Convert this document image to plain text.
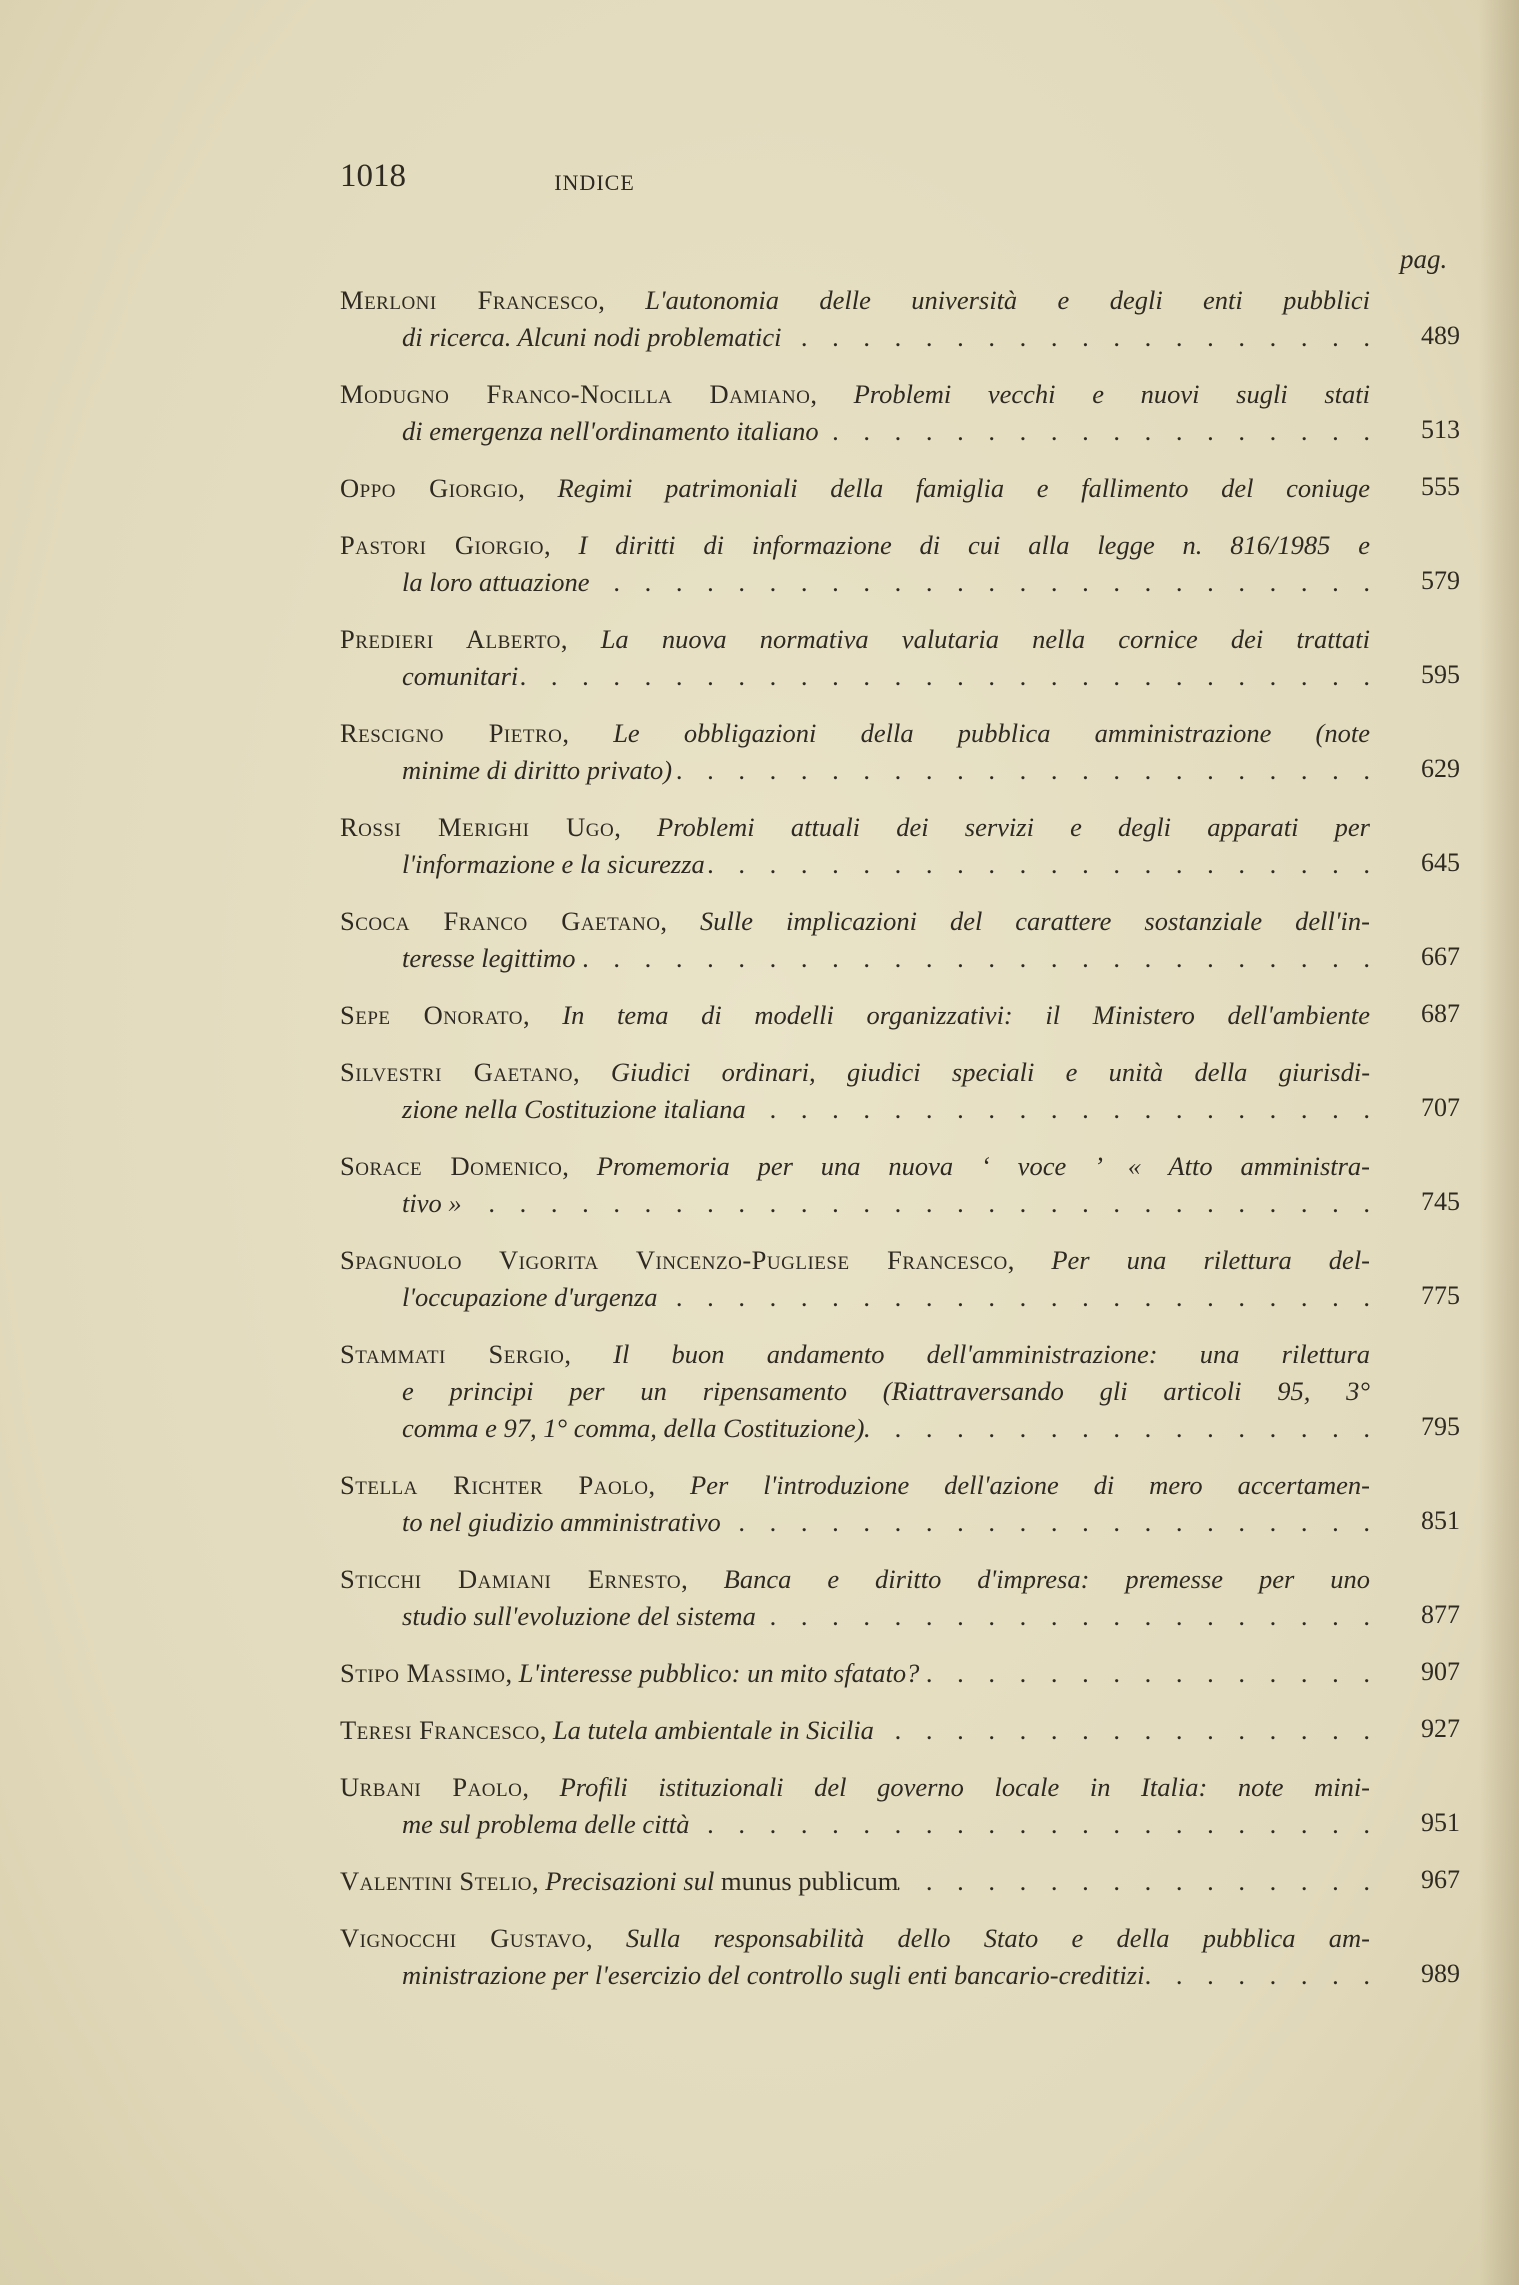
1018	INDICE
pag.
Merloni Francesco, L'autonomia delle università e degli enti pubblici
di ricerca. Alcuni nodi problematici . . .	489
Modugno Franco-Nocilla Damiano, Problemi vecchi e nuovi sugli stati
di emergenza nell'ordinamento italiano . . .	513
Oppo Giorgio, Regimi patrimoniali della famiglia e fallimento del coniuge	555
Pastori Giorgio, I diritti di informazione di cui alla legge n. 816/1985 e
la loro attuazione . . .	579
Predieri Alberto, La nuova normativa valutaria nella cornice dei trattati
comunitari . . .	595
Rescigno Pietro, Le obbligazioni della pubblica amministrazione (note
minime di diritto privato) . . .	629
Rossi Merighi Ugo, Problemi attuali dei servizi e degli apparati per
l'informazione e la sicurezza . . .	645
Scoca Franco Gaetano, Sulle implicazioni del carattere sostanziale dell'in-
teresse legittimo . . .	667
Sepe Onorato, In tema di modelli organizzativi: il Ministero dell'ambiente	687
Silvestri Gaetano, Giudici ordinari, giudici speciali e unità della giurisdi-
zione nella Costituzione italiana . . .	707
Sorace Domenico, Promemoria per una nuova ‘ voce ’ « Atto amministra-
tivo » . . .	745
Spagnuolo Vigorita Vincenzo-Pugliese Francesco, Per una rilettura del-
l'occupazione d'urgenza . . .	775
Stammati Sergio, Il buon andamento dell'amministrazione: una rilettura
e principi per un ripensamento (Riattraversando gli articoli 95, 3°
comma e 97, 1° comma, della Costituzione) . . .	795
Stella Richter Paolo, Per l'introduzione dell'azione di mero accertamen-
to nel giudizio amministrativo . . .	851
Sticchi Damiani Ernesto, Banca e diritto d'impresa: premesse per uno
studio sull'evoluzione del sistema . . .	877
Stipo Massimo, L'interesse pubblico: un mito sfatato? . . .	907
Teresi Francesco, La tutela ambientale in Sicilia . . .	927
Urbani Paolo, Profili istituzionali del governo locale in Italia: note mini-
me sul problema delle città . . .	951
Valentini Stelio, Precisazioni sul munus publicum . . .	967
Vignocchi Gustavo, Sulla responsabilità dello Stato e della pubblica am-
ministrazione per l'esercizio del controllo sugli enti bancario-creditizi . . .	989
